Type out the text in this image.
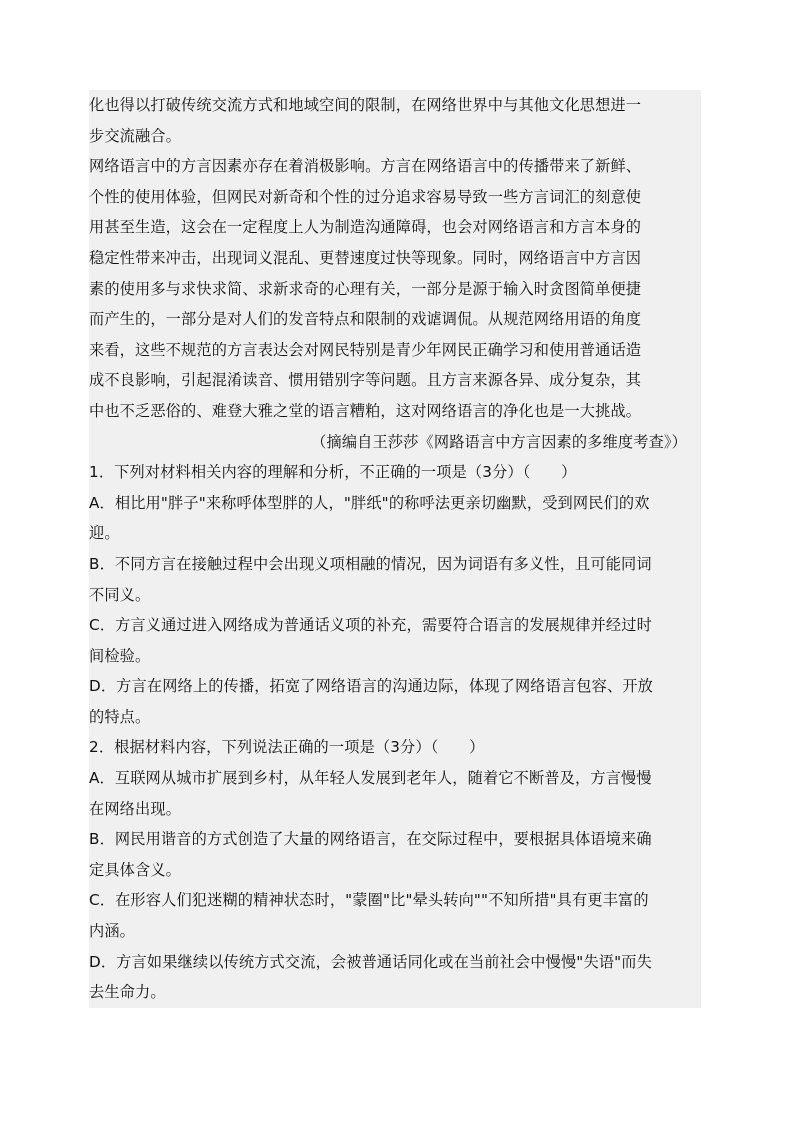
化也得以打破传统交流方式和地域空间的限制，在网络世界中与其他文化思想进一
步交流融合。
网络语言中的方言因素亦存在着消极影响。方言在网络语言中的传播带来了新鲜、
个性的使用体验，但网民对新奇和个性的过分追求容易导致一些方言词汇的刻意使
用甚至生造，这会在一定程度上人为制造沟通障碍，也会对网络语言和方言本身的
稳定性带来冲击，出现词义混乱、更替速度过快等现象。同时，网络语言中方言因
素的使用多与求快求简、求新求奇的心理有关，一部分是源于输入时贪图简单便捷
而产生的，一部分是对人们的发音特点和限制的戏谑调侃。从规范网络用语的角度
来看，这些不规范的方言表达会对网民特别是青少年网民正确学习和使用普通话造
成不良影响，引起混淆读音、惯用错别字等问题。且方言来源各异、成分复杂，其
中也不乏恶俗的、难登大雅之堂的语言糟粕，这对网络语言的净化也是一大挑战。
（摘编自王莎莎《网路语言中方言因素的多维度考查》）
1．下列对材料相关内容的理解和分析，不正确的一项是（3分）（　　）
A．相比用"胖子"来称呼体型胖的人，"胖纸"的称呼法更亲切幽默，受到网民们的欢
迎。
B．不同方言在接触过程中会出现义项相融的情况，因为词语有多义性，且可能同词
不同义。
C．方言义通过进入网络成为普通话义项的补充，需要符合语言的发展规律并经过时
间检验。
D．方言在网络上的传播，拓宽了网络语言的沟通边际，体现了网络语言包容、开放
的特点。
2．根据材料内容，下列说法正确的一项是（3分）（　　）
A．互联网从城市扩展到乡村，从年轻人发展到老年人，随着它不断普及，方言慢慢
在网络出现。
B．网民用谐音的方式创造了大量的网络语言，在交际过程中，要根据具体语境来确
定具体含义。
C．在形容人们犯迷糊的精神状态时，"蒙圈"比"晕头转向""不知所措"具有更丰富的
内涵。
D．方言如果继续以传统方式交流，会被普通话同化或在当前社会中慢慢"失语"而失
去生命力。
